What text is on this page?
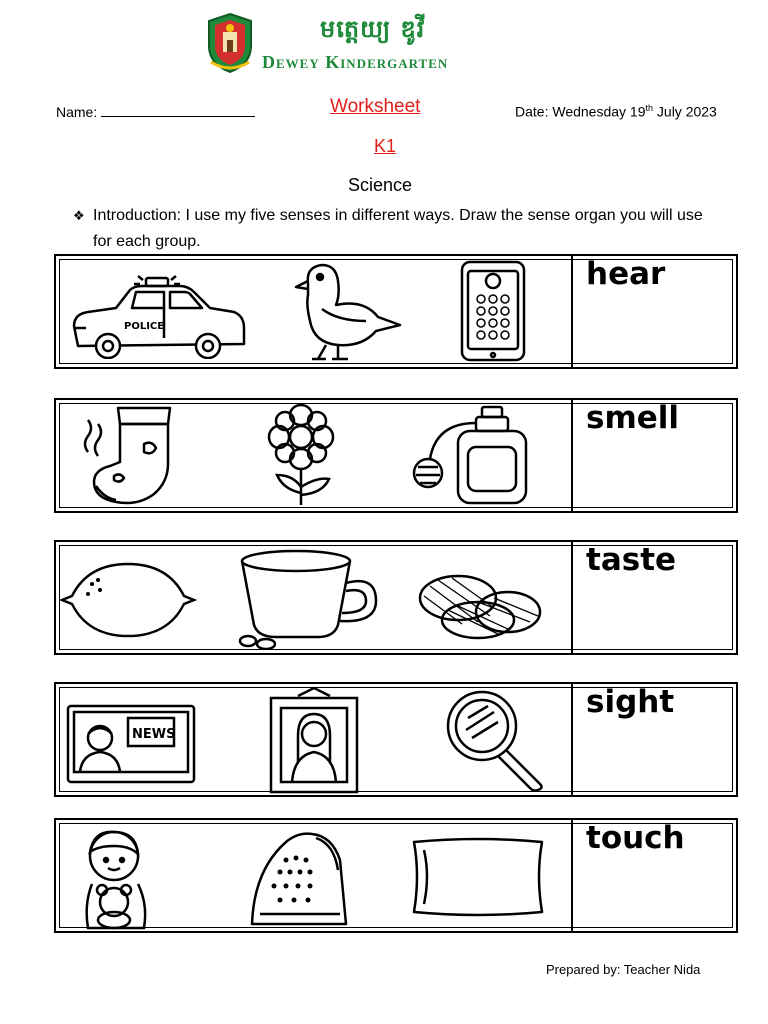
មត្តេយ្យ ឌូវី
Dewey Kindergarten
Name:	Worksheet	Date: Wednesday 19th July 2023
K1
Science
❖ Introduction: I use my five senses in different ways. Draw the sense organ you will use for each group.
POLICE
hear
smell
taste
NEWS
sight
touch
Prepared by: Teacher Nida
